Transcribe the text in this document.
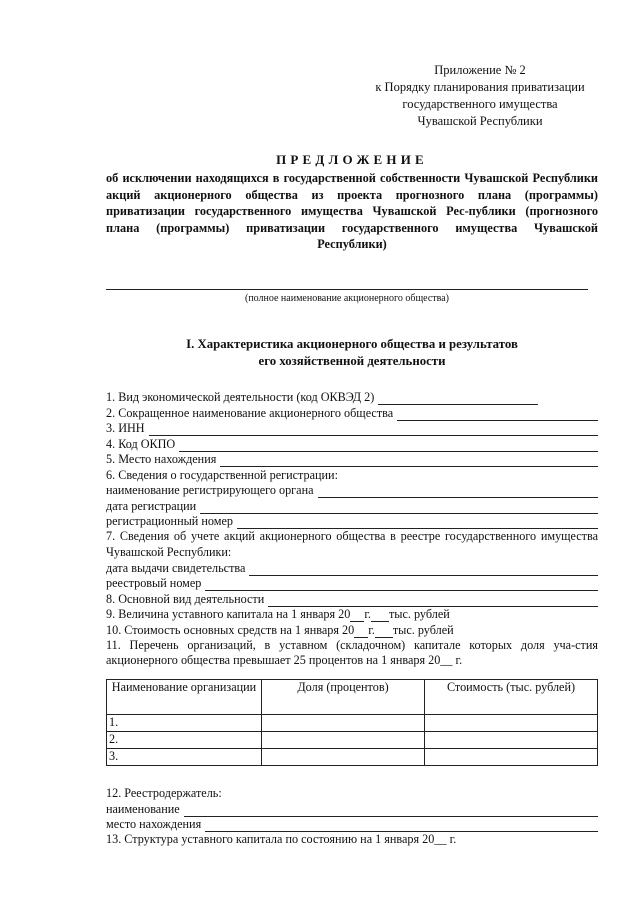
Приложение № 2
к Порядку планирования приватизации
государственного имущества
Чувашской Республики
ПРЕДЛОЖЕНИЕ
об исключении находящихся в государственной собственности Чувашской Республики акций акционерного общества из проекта прогнозного плана (программы) приватизации государственного имущества Чувашской Рес-публики (прогнозного плана (программы) приватизации государственного имущества Чувашской Республики)
(полное наименование акционерного общества)
I. Характеристика акционерного общества и результатов
его хозяйственной деятельности
1. Вид экономической деятельности (код ОКВЭД 2)
2. Сокращенное наименование акционерного общества
3. ИНН
4. Код ОКПО
5. Место нахождения
6. Сведения о государственной регистрации:
наименование регистрирующего органа
дата регистрации
регистрационный номер
7. Сведения об учете акций акционерного общества в реестре государственного имущества Чувашской Республики:
дата выдачи свидетельства
реестровый номер
8. Основной вид деятельности
9. Величина уставного капитала на 1 января 20 г. тыс. рублей
10. Стоимость основных средств на 1 января 20 г. тыс. рублей
11. Перечень организаций, в уставном (складочном) капитале которых доля уча-стия акционерного общества превышает 25 процентов на 1 января 20__ г.
Наименование организации	Доля (процентов)	Стоимость (тыс. рублей)
1.		
2.		
3.		
12. Реестродержатель:
наименование
место нахождения
13. Структура уставного капитала по состоянию на 1 января 20__ г.
